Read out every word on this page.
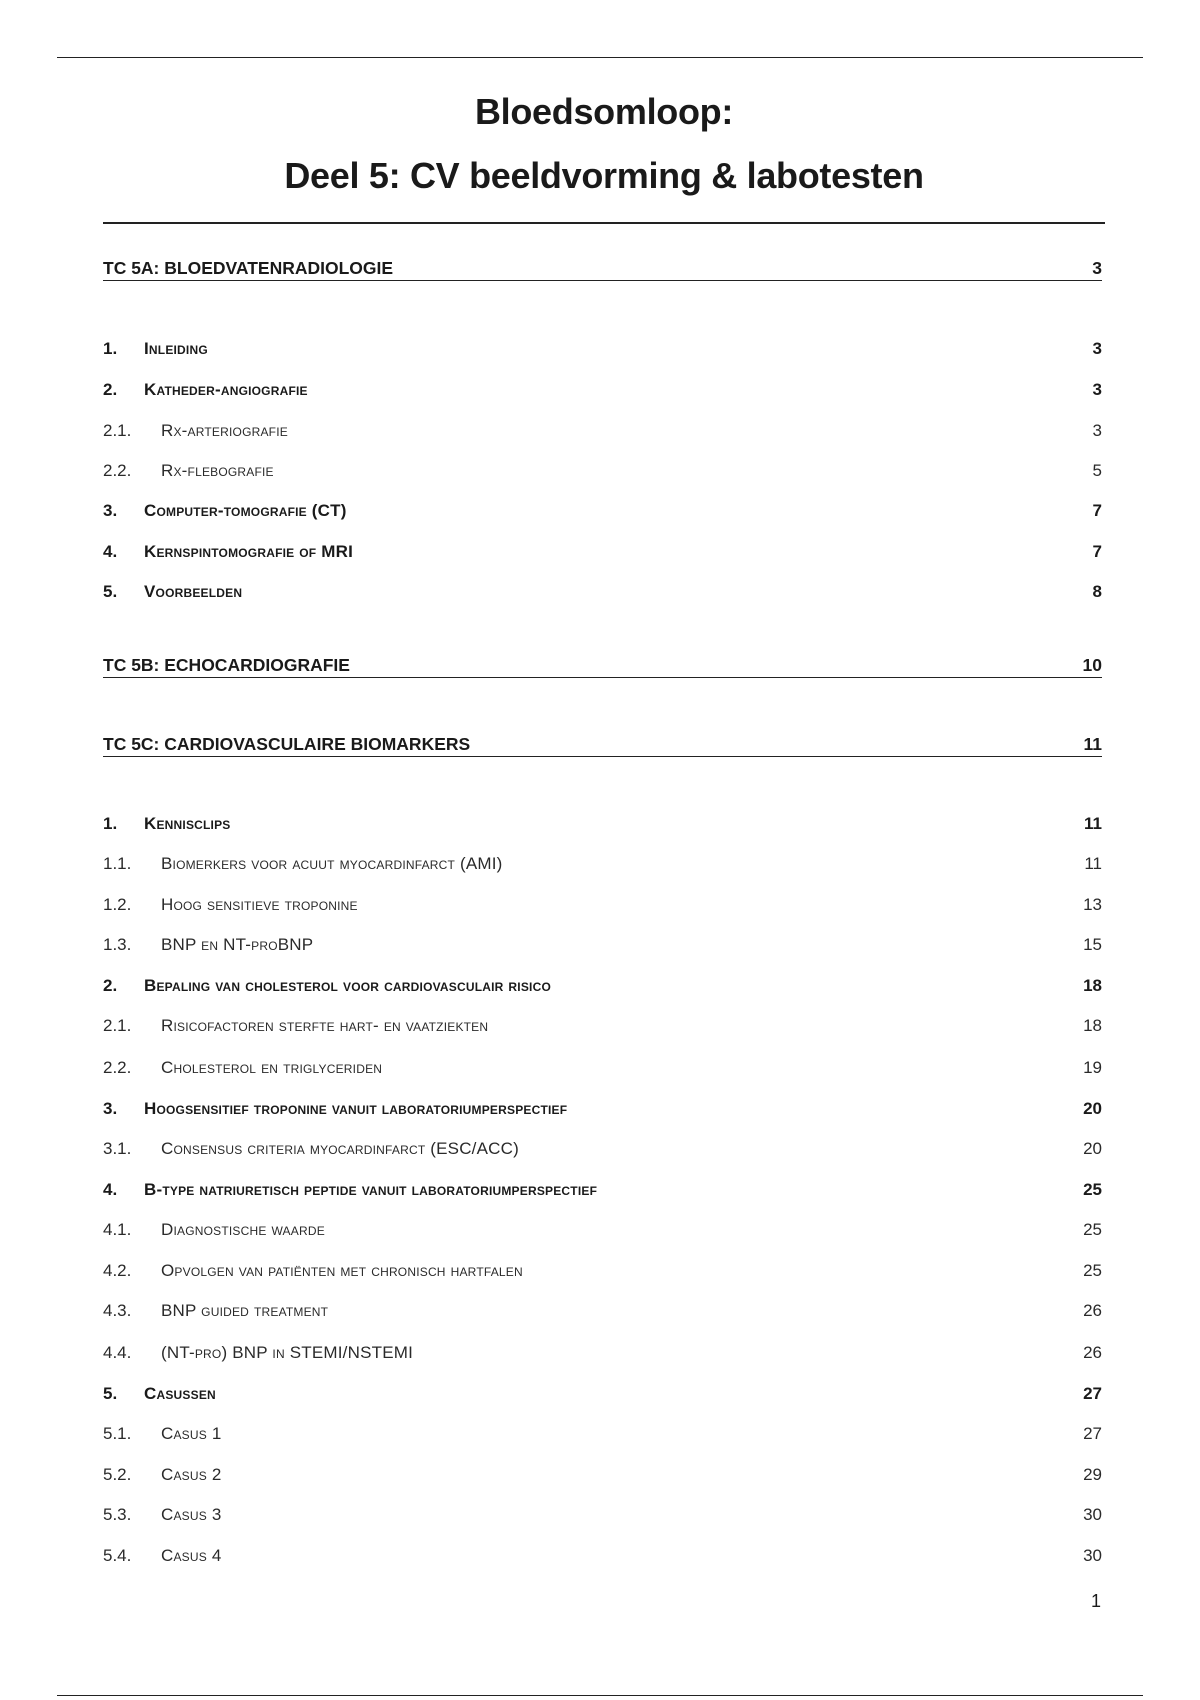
Bloedsomloop:
Deel 5: CV beeldvorming & labotesten
TC 5A: BLOEDVATENRADIOLOGIE	3
1.	Inleiding	3
2.	Katheder-angiografie	3
2.1.	Rx-arteriografie	3
2.2.	Rx-flebografie	5
3.	Computer-tomografie (CT)	7
4.	Kernspintomografie of MRI	7
5.	Voorbeelden	8
TC 5B: ECHOCARDIOGRAFIE	10
TC 5C: CARDIOVASCULAIRE BIOMARKERS	11
1.	Kennisclips	11
1.1.	Biomerkers voor acuut myocardinfarct (AMI)	11
1.2.	Hoog sensitieve troponine	13
1.3.	BNP en NT-proBNP	15
2.	Bepaling van cholesterol voor cardiovasculair risico	18
2.1.	Risicofactoren sterfte hart- en vaatziekten	18
2.2.	Cholesterol en triglyceriden	19
3.	Hoogsensitief troponine vanuit laboratoriumperspectief	20
3.1.	Consensus criteria myocardinfarct (ESC/ACC)	20
4.	B-type natriuretisch peptide vanuit laboratoriumperspectief	25
4.1.	Diagnostische waarde	25
4.2.	Opvolgen van patiënten met chronisch hartfalen	25
4.3.	BNP guided treatment	26
4.4.	(NT-pro) BNP in STEMI/NSTEMI	26
5.	Casussen	27
5.1.	Casus 1	27
5.2.	Casus 2	29
5.3.	Casus 3	30
5.4.	Casus 4	30
1
